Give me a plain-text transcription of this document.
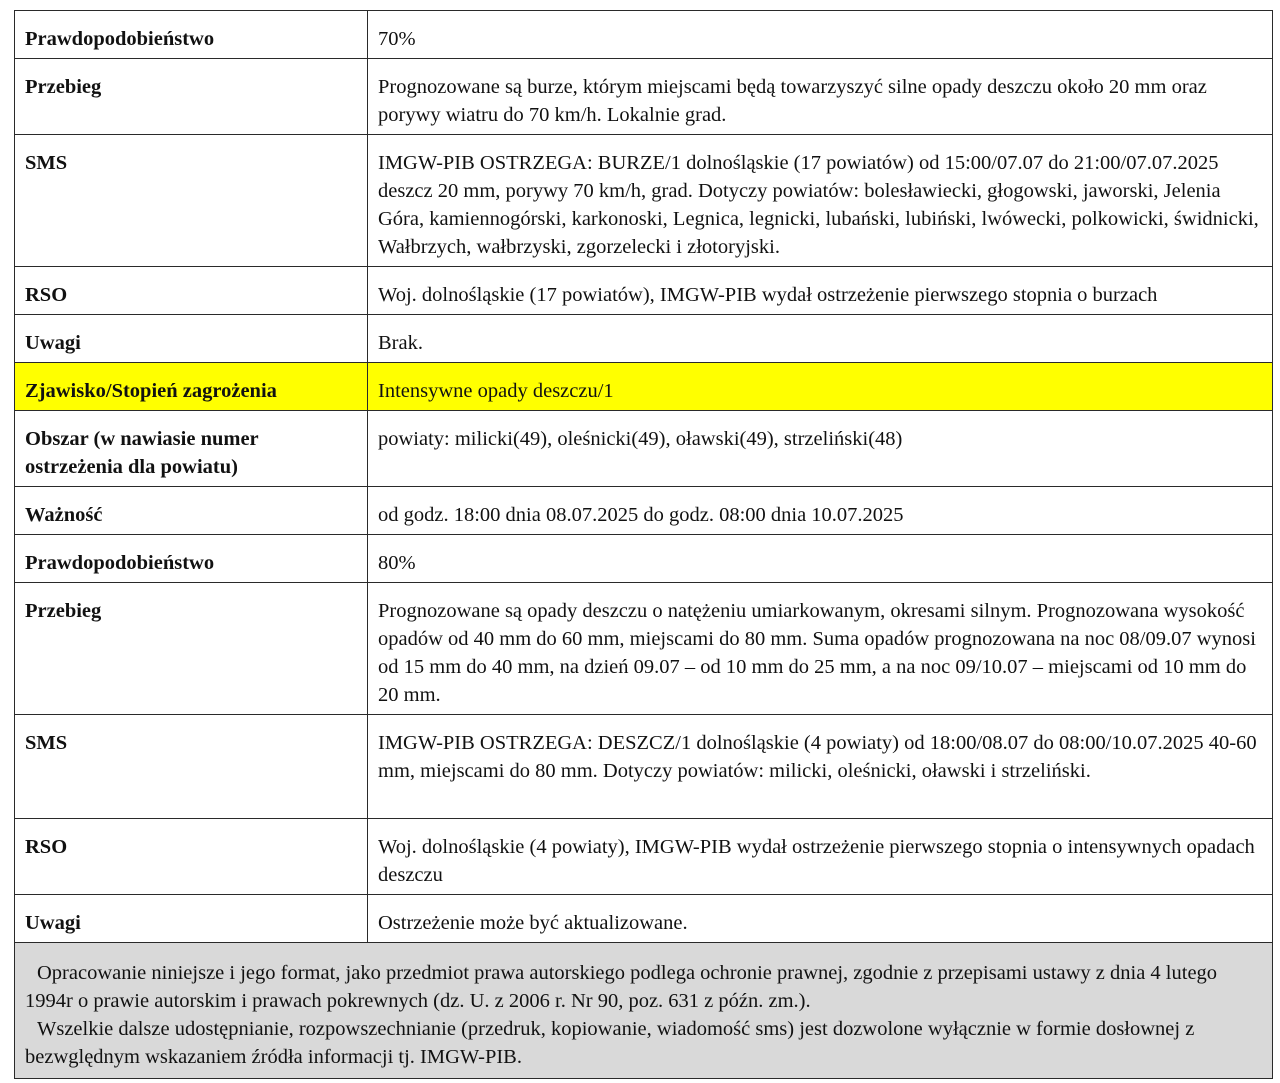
Prawdopodobieństwo	70%
Przebieg	Prognozowane są burze, którym miejscami będą towarzyszyć silne opady deszczu około 20 mm oraz porywy wiatru do 70 km/h. Lokalnie grad.
SMS	IMGW-PIB OSTRZEGA: BURZE/1 dolnośląskie (17 powiatów) od 15:00/07.07 do 21:00/07.07.2025 deszcz 20 mm, porywy 70 km/h, grad. Dotyczy powiatów: bolesławiecki, głogowski, jaworski, Jelenia Góra, kamiennogórski, karkonoski, Legnica, legnicki, lubański, lubiński, lwówecki, polkowicki, świdnicki, Wałbrzych, wałbrzyski, zgorzelecki i złotoryjski.
RSO	Woj. dolnośląskie (17 powiatów), IMGW-PIB wydał ostrzeżenie pierwszego stopnia o burzach
Uwagi	Brak.
Zjawisko/Stopień zagrożenia	Intensywne opady deszczu/1
Obszar (w nawiasie numer ostrzeżenia dla powiatu)	powiaty: milicki(49), oleśnicki(49), oławski(49), strzeliński(48)
Ważność	od godz. 18:00 dnia 08.07.2025 do godz. 08:00 dnia 10.07.2025
Prawdopodobieństwo	80%
Przebieg	Prognozowane są opady deszczu o natężeniu umiarkowanym, okresami silnym. Prognozowana wysokość opadów od 40 mm do 60 mm, miejscami do 80 mm. Suma opadów prognozowana na noc 08/09.07 wynosi od 15 mm do 40 mm, na dzień 09.07 – od 10 mm do 25 mm, a na noc 09/10.07 – miejscami od 10 mm do 20 mm.
SMS	IMGW-PIB OSTRZEGA: DESZCZ/1 dolnośląskie (4 powiaty) od 18:00/08.07 do 08:00/10.07.2025 40-60 mm, miejscami do 80 mm. Dotyczy powiatów: milicki, oleśnicki, oławski i strzeliński.
RSO	Woj. dolnośląskie (4 powiaty), IMGW-PIB wydał ostrzeżenie pierwszego stopnia o intensywnych opadach deszczu
Uwagi	Ostrzeżenie może być aktualizowane.

Opracowanie niniejsze i jego format, jako przedmiot prawa autorskiego podlega ochronie prawnej, zgodnie z przepisami ustawy z dnia 4 lutego 1994r o prawie autorskim i prawach pokrewnych (dz. U. z 2006 r. Nr 90, poz. 631 z późn. zm.).

Wszelkie dalsze udostępnianie, rozpowszechnianie (przedruk, kopiowanie, wiadomość sms) jest dozwolone wyłącznie w formie dosłownej z bezwględnym wskazaniem źródła informacji tj. IMGW-PIB.
